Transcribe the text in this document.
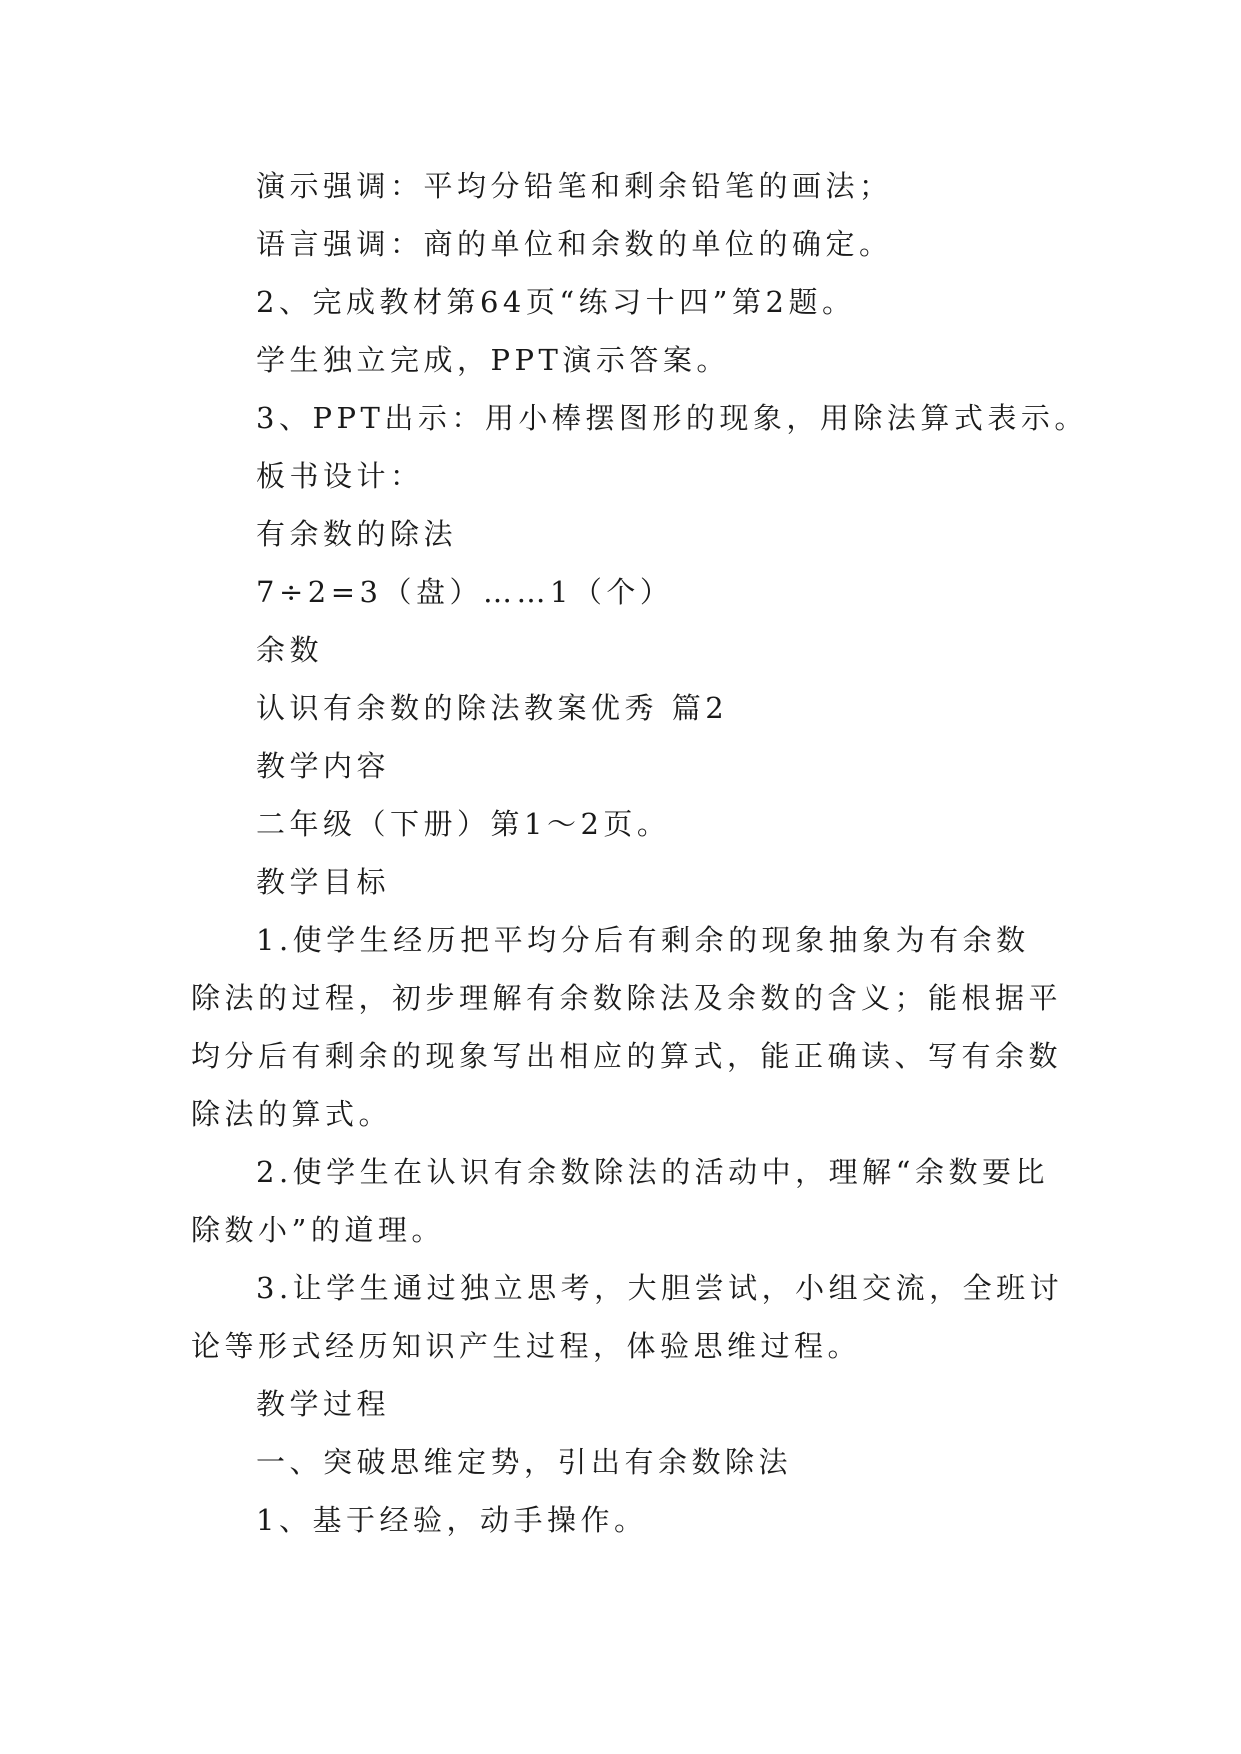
演示强调：平均分铅笔和剩余铅笔的画法；
语言强调：商的单位和余数的单位的确定。
2、完成教材第64页“练习十四”第2题。
学生独立完成，PPT演示答案。
3、PPT出示：用小棒摆图形的现象，用除法算式表示。
板书设计：
有余数的除法
7÷2=3（盘）……1（个）
余数
认识有余数的除法教案优秀 篇2
教学内容
二年级（下册）第1～2页。
教学目标
1.使学生经历把平均分后有剩余的现象抽象为有余数
除法的过程，初步理解有余数除法及余数的含义；能根据平
均分后有剩余的现象写出相应的算式，能正确读、写有余数
除法的算式。
2.使学生在认识有余数除法的活动中，理解“余数要比
除数小”的道理。
3.让学生通过独立思考，大胆尝试，小组交流，全班讨
论等形式经历知识产生过程，体验思维过程。
教学过程
一、突破思维定势，引出有余数除法
1、基于经验，动手操作。
